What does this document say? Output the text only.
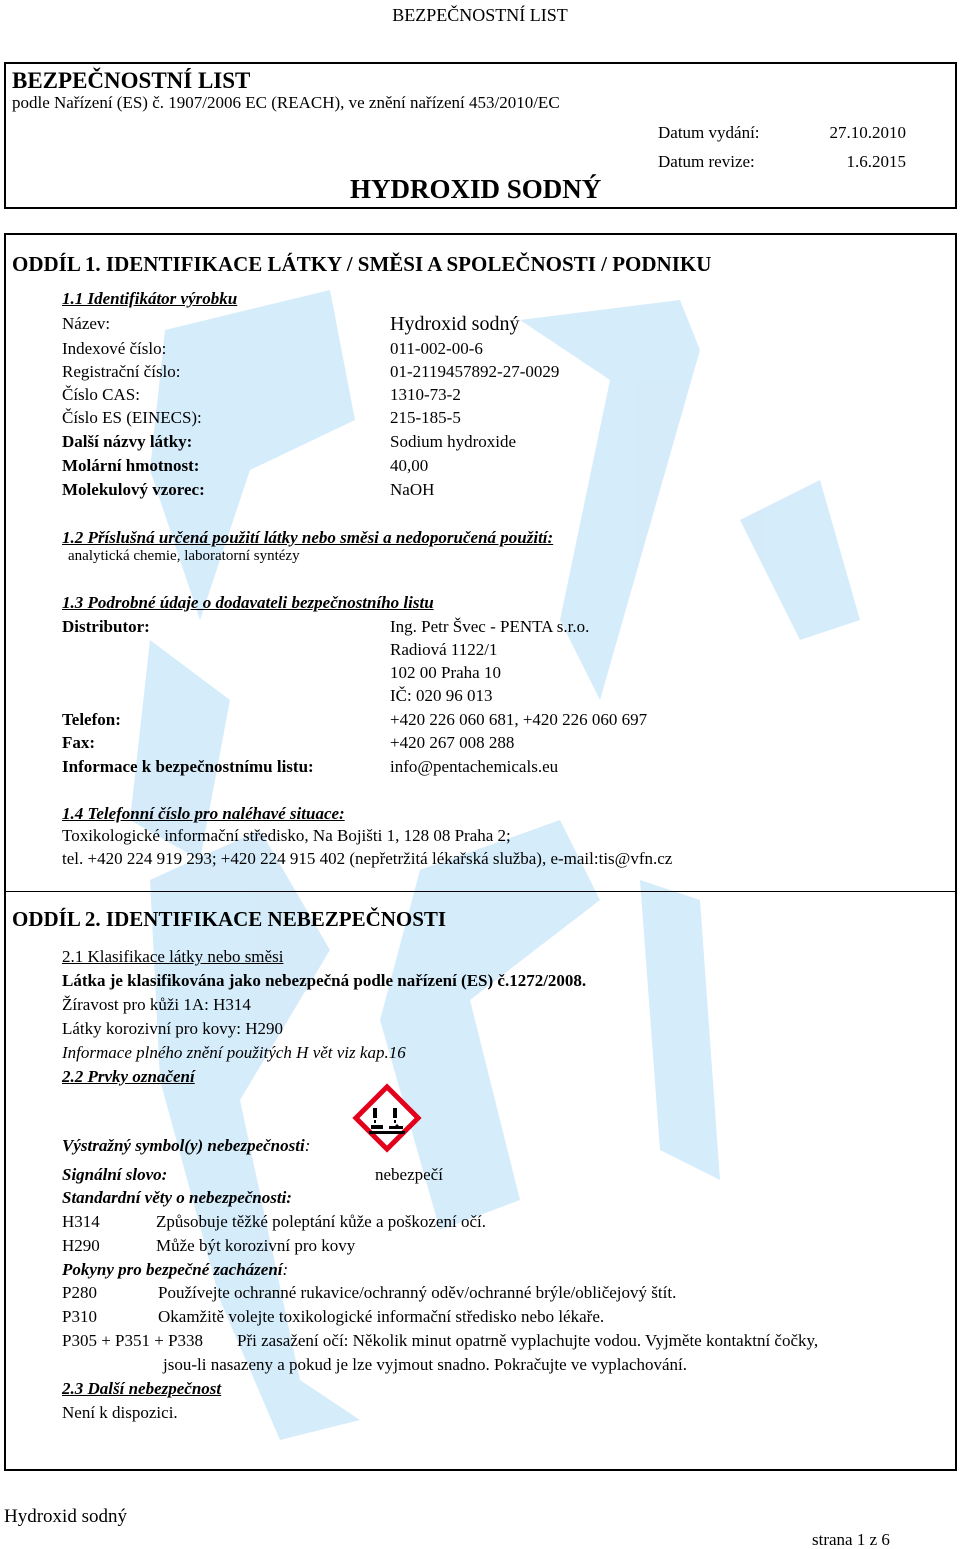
BEZPEČNOSTNÍ LIST
BEZPEČNOSTNÍ LIST
podle Nařízení (ES) č. 1907/2006 EC (REACH), ve znění nařízení 453/2010/EC
Datum vydání:	27.10.2010
Datum revize:	1.6.2015
HYDROXID SODNÝ
ODDÍL 1. IDENTIFIKACE LÁTKY / SMĚSI A SPOLEČNOSTI / PODNIKU
1.1 Identifikátor výrobku
Název:	Hydroxid sodný
Indexové číslo:	011-002-00-6
Registrační číslo:	01-2119457892-27-0029
Číslo CAS:	1310-73-2
Číslo ES (EINECS):	215-185-5
Další názvy látky:	Sodium hydroxide
Molární hmotnost:	40,00
Molekulový vzorec:	NaOH
1.2 Příslušná určená použití látky nebo směsi a nedoporučená použití:
analytická chemie, laboratorní syntézy
1.3 Podrobné údaje o dodavateli bezpečnostního listu
Distributor:	Ing. Petr Švec - PENTA s.r.o.
Radiová 1122/1
102 00 Praha 10
IČ: 020 96 013
Telefon:	+420 226 060 681, +420 226 060 697
Fax:	+420 267 008 288
Informace k bezpečnostnímu listu:	info@pentachemicals.eu
1.4 Telefonní číslo pro naléhavé situace:
Toxikologické informační středisko, Na Bojišti 1, 128 08 Praha 2;
tel. +420 224 919 293; +420 224 915 402 (nepřetržitá lékařská služba), e-mail:tis@vfn.cz
ODDÍL 2. IDENTIFIKACE NEBEZPEČNOSTI
2.1 Klasifikace látky nebo směsi
Látka je klasifikována jako nebezpečná podle nařízení (ES) č.1272/2008.
Žíravost pro kůži 1A: H314
Látky korozivní pro kovy: H290
Informace plného znění použitých H vět viz kap.16
2.2 Prvky označení
Výstražný symbol(y) nebezpečnosti:
Signální slovo:	nebezpečí
Standardní věty o nebezpečnosti:
H314	Způsobuje těžké poleptání kůže a poškození očí.
H290	Může být korozivní pro kovy
Pokyny pro bezpečné zacházení:
P280	Používejte ochranné rukavice/ochranný oděv/ochranné brýle/obličejový štít.
P310	Okamžitě volejte toxikologické informační středisko nebo lékaře.
P305 + P351 + P338 Při zasažení očí: Několik minut opatrně vyplachujte vodou. Vyjměte kontaktní čočky,
jsou-li nasazeny a pokud je lze vyjmout snadno. Pokračujte ve vyplachování.
2.3 Další nebezpečnost
Není k dispozici.
Hydroxid sodný
strana 1 z 6
